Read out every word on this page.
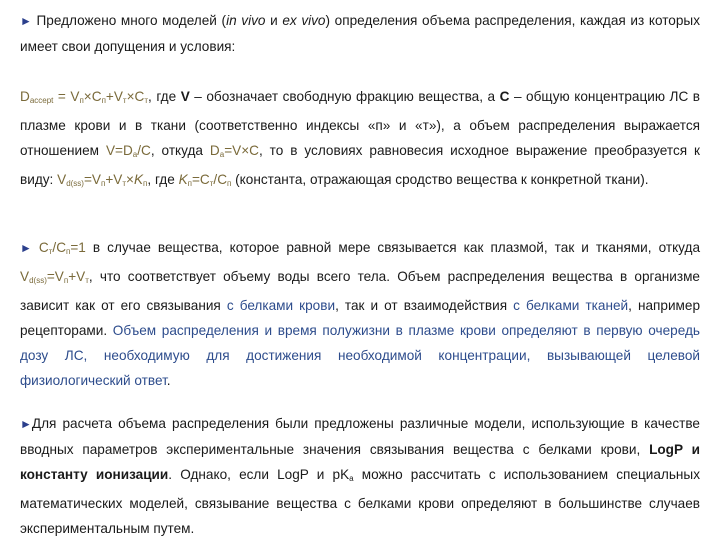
► Предложено много моделей (in vivo и ex vivo) определения объема распределения, каждая из которых имеет свои допущения и условия:
$D_{acсept} = V_п\times C_п+V_т\times C_т$, где V – обозначает свободную фракцию вещества, а C – общую концентрацию ЛС в плазме крови и в ткани (соответственно индексы «п» и «т»), а объем распределения выражается отношением $V=D_a/C$, откуда $D_a=V\times C$, то в условиях равновесия исходное выражение преобразуется к виду: $V_{d(ss)}=V_п+V_т\times K_п$, где $K_п=C_т/C_п$ (константа, отражающая сродство вещества к конкретной ткани).
► $C_т/C_п=1$ в случае вещества, которое равной мере связывается как плазмой, так и тканями, откуда $V_{d(ss)}=V_п+V_т$, что соответствует объему воды всего тела. Объем распределения вещества в организме зависит как от его связывания с белками крови, так и от взаимодействия с белками тканей, например рецепторами. Объем распределения и время полужизни в плазме крови определяют в первую очередь дозу ЛС, необходимую для достижения необходимой концентрации, вызывающей целевой физиологический ответ.
►Для расчета объема распределения были предложены различные модели, использующие в качестве вводных параметров экспериментальные значения связывания вещества с белками крови, LogP и константу ионизации. Однако, если LogP и $pK_a$ можно рассчитать с использованием специальных математических моделей, связывание вещества с белками крови определяют в большинстве случаев экспериментальным путем.
